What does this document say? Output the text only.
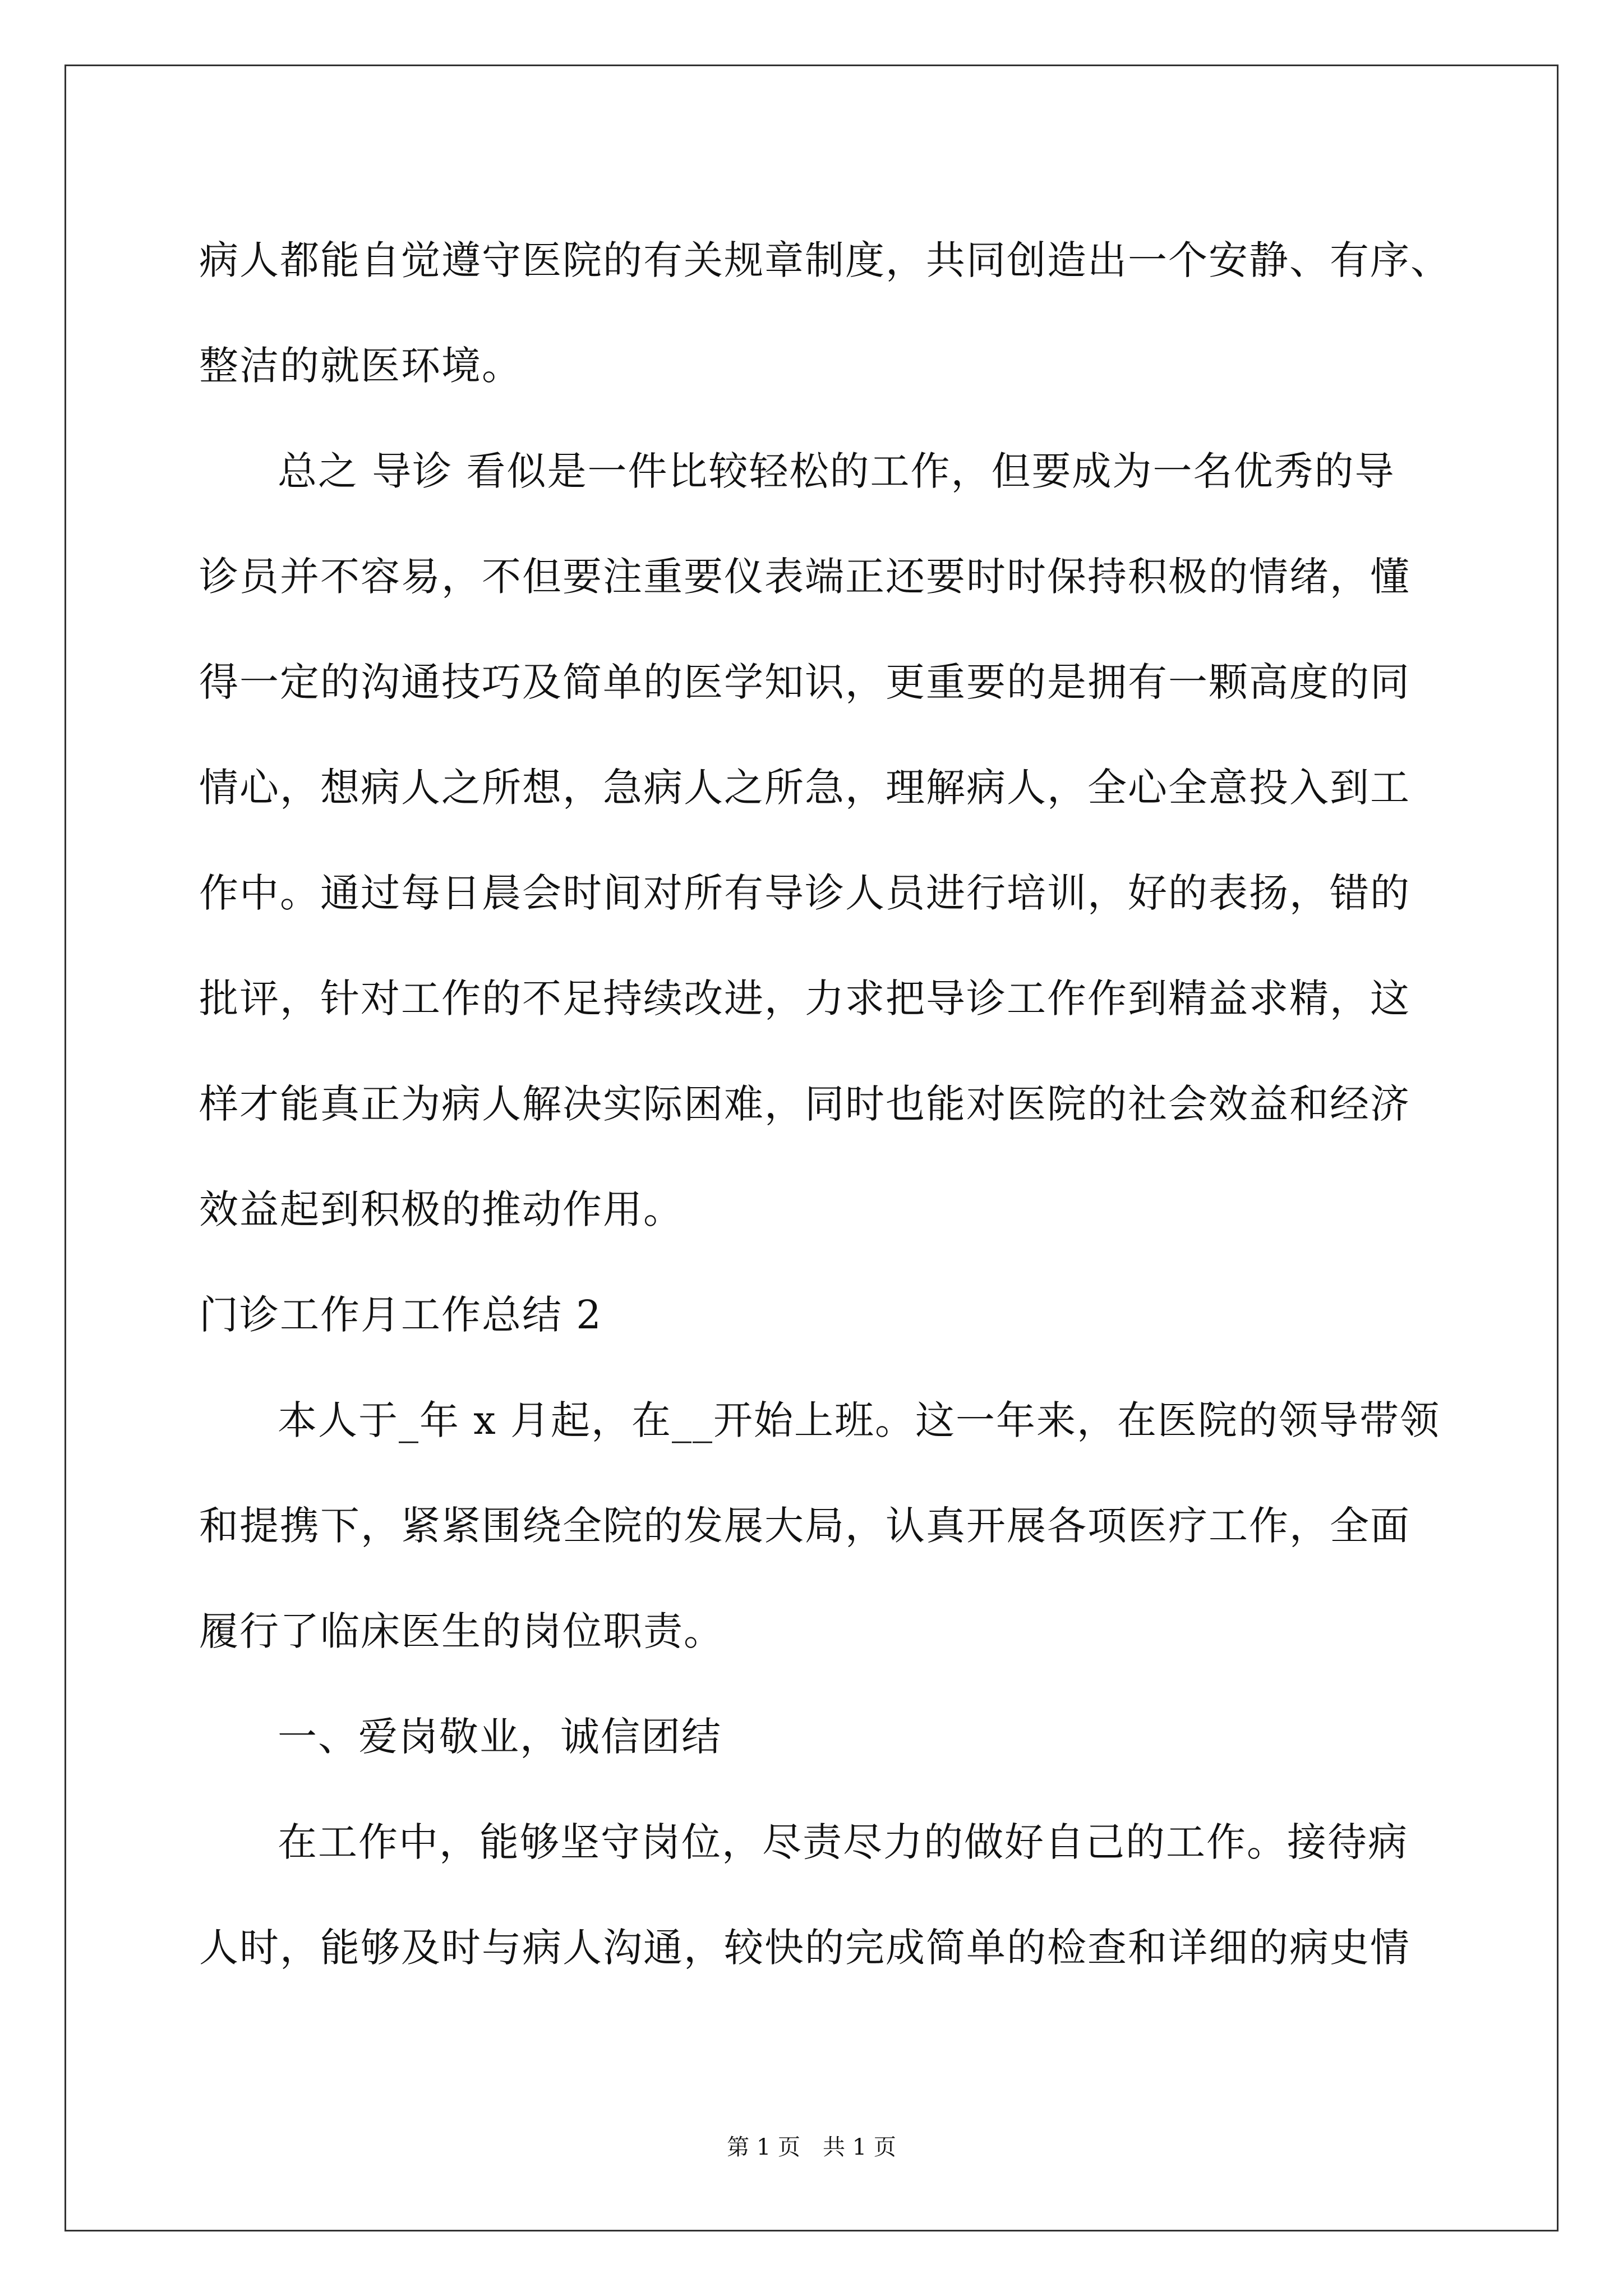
病人都能自觉遵守医院的有关规章制度，共同创造出一个安静、有序、
整洁的就医环境。
总之 导诊 看似是一件比较轻松的工作，但要成为一名优秀的导
诊员并不容易，不但要注重要仪表端正还要时时保持积极的情绪，懂
得一定的沟通技巧及简单的医学知识，更重要的是拥有一颗高度的同
情心，想病人之所想，急病人之所急，理解病人，全心全意投入到工
作中。通过每日晨会时间对所有导诊人员进行培训，好的表扬，错的
批评，针对工作的不足持续改进，力求把导诊工作作到精益求精，这
样才能真正为病人解决实际困难，同时也能对医院的社会效益和经济
效益起到积极的推动作用。
门诊工作月工作总结 2
本人于_年 x 月起，在__开始上班。这一年来，在医院的领导带领
和提携下，紧紧围绕全院的发展大局，认真开展各项医疗工作，全面
履行了临床医生的岗位职责。
一、爱岗敬业，诚信团结
在工作中，能够坚守岗位，尽责尽力的做好自己的工作。接待病
人时，能够及时与病人沟通，较快的完成简单的检查和详细的病史情
第 1 页 共 1 页
